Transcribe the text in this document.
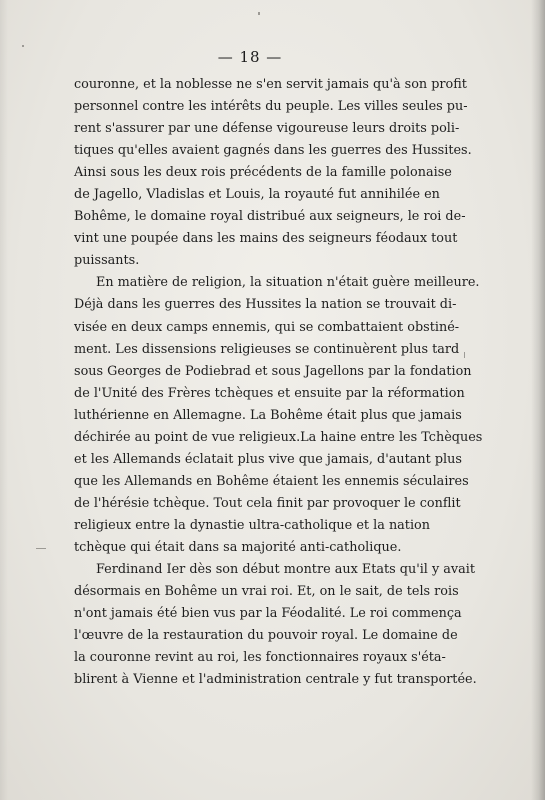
— 18 —
couronne, et la noblesse ne s'en servit jamais qu'à son profit
personnel contre les intérêts du peuple. Les villes seules pu-
rent s'assurer par une défense vigoureuse leurs droits poli-
tiques qu'elles avaient gagnés dans les guerres des Hussites.
Ainsi sous les deux rois précédents de la famille polonaise
de Jagello, Vladislas et Louis, la royauté fut annihilée en
Bohême, le domaine royal distribué aux seigneurs, le roi de-
vint une poupée dans les mains des seigneurs féodaux tout
puissants.
En matière de religion, la situation n'était guère meilleure.
Déjà dans les guerres des Hussites la nation se trouvait di-
visée en deux camps ennemis, qui se combattaient obstiné-
ment. Les dissensions religieuses se continuèrent plus tard
sous Georges de Podiebrad et sous Jagellons par la fondation
de l'Unité des Frères tchèques et ensuite par la réformation
luthérienne en Allemagne. La Bohême était plus que jamais
déchirée au point de vue religieux.La haine entre les Tchèques
et les Allemands éclatait plus vive que jamais, d'autant plus
que les Allemands en Bohême étaient les ennemis séculaires
de l'hérésie tchèque. Tout cela finit par provoquer le conflit
religieux entre la dynastie ultra-catholique et la nation
tchèque qui était dans sa majorité anti-catholique.
Ferdinand Ier dès son début montre aux Etats qu'il y avait
désormais en Bohême un vrai roi. Et, on le sait, de tels rois
n'ont jamais été bien vus par la Féodalité. Le roi commença
l'œuvre de la restauration du pouvoir royal. Le domaine de
la couronne revint au roi, les fonctionnaires royaux s'éta-
blirent à Vienne et l'administration centrale y fut transportée.
